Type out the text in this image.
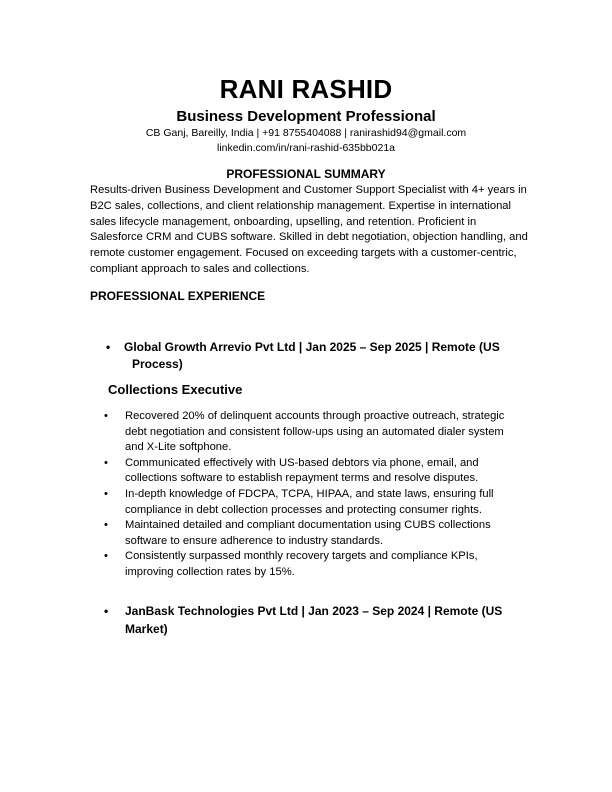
RANI RASHID
Business Development Professional
CB Ganj, Bareilly, India | +91 8755404088 | ranirashid94@gmail.com
linkedin.com/in/rani-rashid-635bb021a
PROFESSIONAL SUMMARY
Results-driven Business Development and Customer Support Specialist with 4+ years in B2C sales, collections, and client relationship management. Expertise in international sales lifecycle management, onboarding, upselling, and retention. Proficient in Salesforce CRM and CUBS software. Skilled in debt negotiation, objection handling, and remote customer engagement. Focused on exceeding targets with a customer-centric, compliant approach to sales and collections.
PROFESSIONAL EXPERIENCE
•	Global Growth Arrevio Pvt Ltd | Jan 2025 – Sep 2025 | Remote (US Process)
Collections Executive
• Recovered 20% of delinquent accounts through proactive outreach, strategic debt negotiation and consistent follow-ups using an automated dialer system and X-Lite softphone.
• Communicated effectively with US-based debtors via phone, email, and collections software to establish repayment terms and resolve disputes.
• In-depth knowledge of FDCPA, TCPA, HIPAA, and state laws, ensuring full compliance in debt collection processes and protecting consumer rights.
• Maintained detailed and compliant documentation using CUBS collections software to ensure adherence to industry standards.
• Consistently surpassed monthly recovery targets and compliance KPIs, improving collection rates by 15%.
•	JanBask Technologies Pvt Ltd | Jan 2023 – Sep 2024 | Remote (US Market)
